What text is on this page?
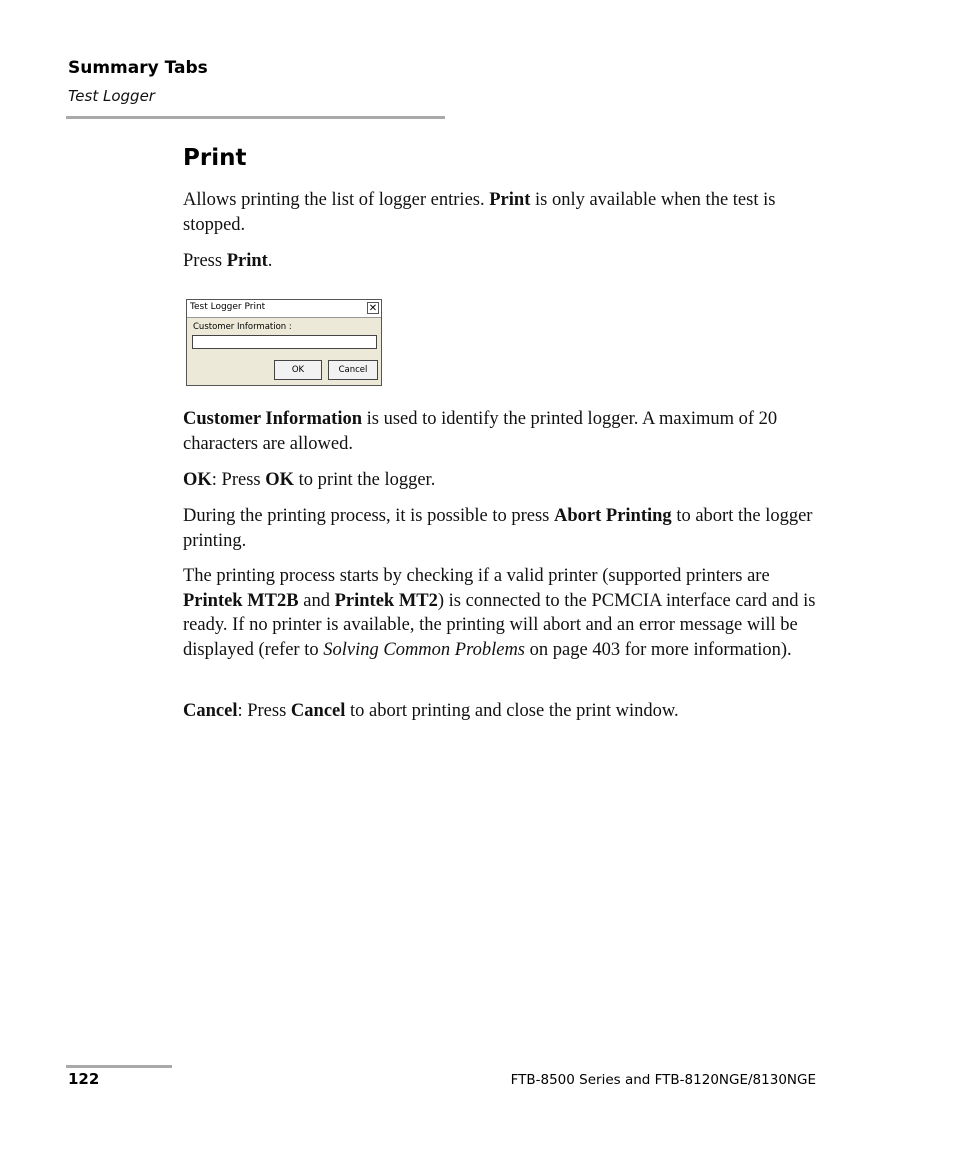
Summary Tabs
Test Logger
Print

Allows printing the list of logger entries. Print is only available when the test is stopped.

Press Print.

Test Logger Print	✕
Customer Information :
OK	Cancel

Customer Information is used to identify the printed logger. A maximum of 20 characters are allowed.

OK: Press OK to print the logger.

During the printing process, it is possible to press Abort Printing to abort the logger printing.

The printing process starts by checking if a valid printer (supported printers are Printek MT2B and Printek MT2) is connected to the PCMCIA interface card and is ready. If no printer is available, the printing will abort and an error message will be displayed (refer to Solving Common Problems on page 403 for more information).

Cancel: Press Cancel to abort printing and close the print window.

122	FTB-8500 Series and FTB-8120NGE/8130NGE
